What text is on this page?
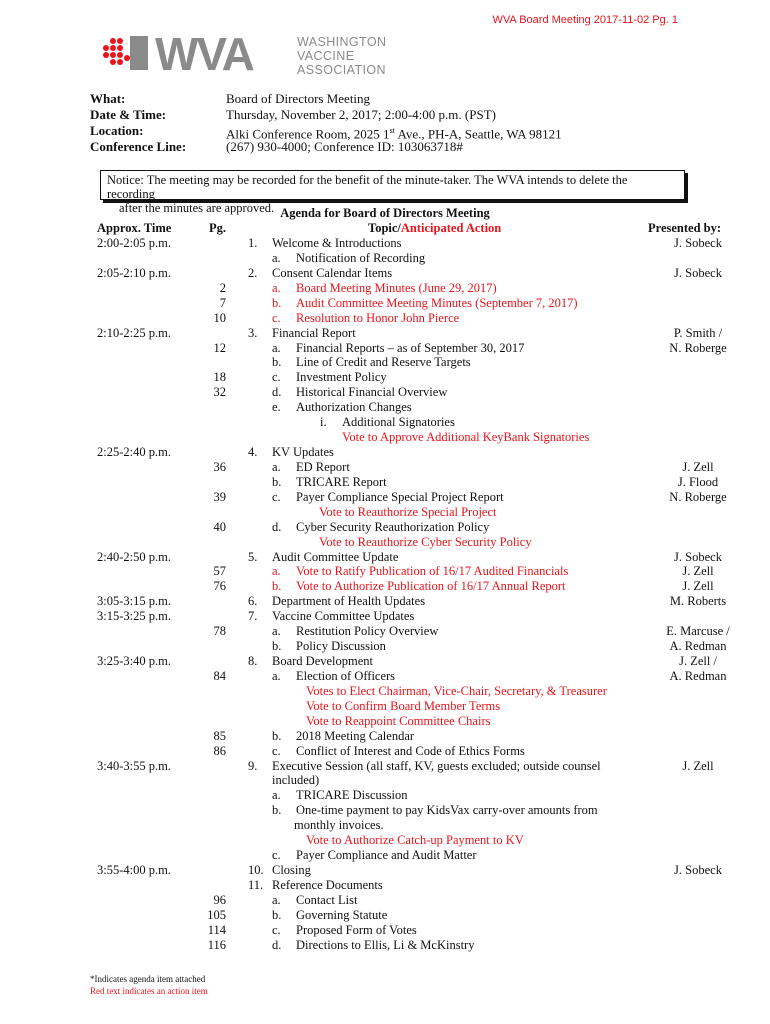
WVA Board Meeting 2017-11-02 Pg. 1
WVA	WASHINGTON
VACCINE
ASSOCIATION
What:	Board of Directors Meeting
Date & Time:	Thursday, November 2, 2017; 2:00-4:00 p.m. (PST)
Location:	Alki Conference Room, 2025 1st Ave., PH-A, Seattle, WA 98121
Conference Line:	(267) 930-4000; Conference ID: 103063718#
Notice: The meeting may be recorded for the benefit of the minute-taker. The WVA intends to delete the recording
after the minutes are approved. Agenda for Board of Directors Meeting
Approx. Time	Pg.	Topic/Anticipated Action	Presented by:
2:00-2:05 p.m.	1. Welcome & Introductions	J. Sobeck
a. Notification of Recording
2:05-2:10 p.m.	2. Consent Calendar Items	J. Sobeck
2	a. Board Meeting Minutes (June 29, 2017)
7	b. Audit Committee Meeting Minutes (September 7, 2017)
10	c. Resolution to Honor John Pierce
2:10-2:25 p.m.	3. Financial Report	P. Smith /
12	a. Financial Reports – as of September 30, 2017	N. Roberge
b. Line of Credit and Reserve Targets
18	c. Investment Policy
32	d. Historical Financial Overview
e. Authorization Changes
i. Additional Signatories
Vote to Approve Additional KeyBank Signatories
2:25-2:40 p.m.	4. KV Updates
36	a. ED Report	J. Zell
b. TRICARE Report	J. Flood
39	c. Payer Compliance Special Project Report	N. Roberge
Vote to Reauthorize Special Project
40	d. Cyber Security Reauthorization Policy
Vote to Reauthorize Cyber Security Policy
2:40-2:50 p.m.	5. Audit Committee Update	J. Sobeck
57	a. Vote to Ratify Publication of 16/17 Audited Financials	J. Zell
76	b. Vote to Authorize Publication of 16/17 Annual Report	J. Zell
3:05-3:15 p.m.	6. Department of Health Updates	M. Roberts
3:15-3:25 p.m.	7. Vaccine Committee Updates
78	a. Restitution Policy Overview	E. Marcuse /
b. Policy Discussion	A. Redman
3:25-3:40 p.m.	8. Board Development	J. Zell /
84	a. Election of Officers	A. Redman
Votes to Elect Chairman, Vice-Chair, Secretary, & Treasurer
Vote to Confirm Board Member Terms
Vote to Reappoint Committee Chairs
85	b. 2018 Meeting Calendar
86	c. Conflict of Interest and Code of Ethics Forms
3:40-3:55 p.m.	9. Executive Session (all staff, KV, guests excluded; outside counsel	J. Zell
included)
a. TRICARE Discussion
b. One-time payment to pay KidsVax carry-over amounts from
monthly invoices.
Vote to Authorize Catch-up Payment to KV
c. Payer Compliance and Audit Matter
3:55-4:00 p.m.	10. Closing	J. Sobeck
11. Reference Documents
96	a. Contact List
105	b. Governing Statute
114	c. Proposed Form of Votes
116	d. Directions to Ellis, Li & McKinstry
*Indicates agenda item attached
Red text indicates an action item
